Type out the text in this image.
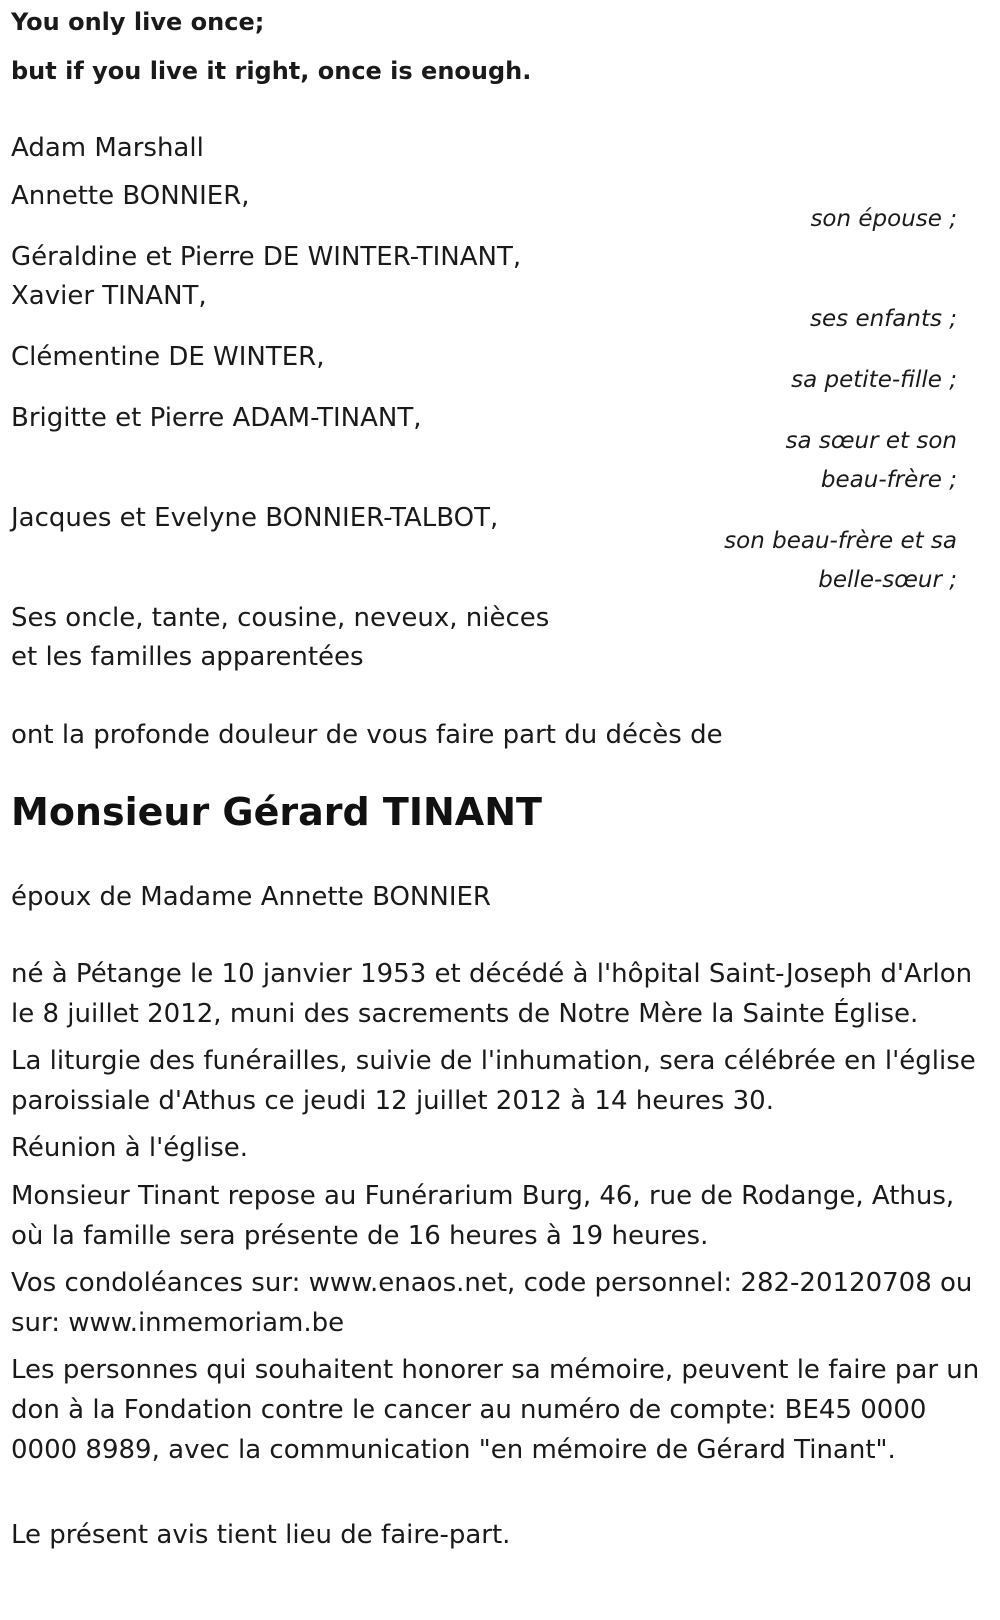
You only live once;
but if you live it right, once is enough.
Adam Marshall
Annette BONNIER,
Géraldine et Pierre DE WINTER-TINANT,
Xavier TINANT,
Clémentine DE WINTER,
Brigitte et Pierre ADAM-TINANT,
Jacques et Evelyne BONNIER-TALBOT,
Ses oncle, tante, cousine, neveux, nièces
et les familles apparentées
son épouse ;
ses enfants ;
sa petite-fille ;
sa sœur et son
beau-frère ;
son beau-frère et sa
belle-sœur ;
ont la profonde douleur de vous faire part du décès de
Monsieur Gérard TINANT
époux de Madame Annette BONNIER
né à Pétange le 10 janvier 1953 et décédé à l'hôpital Saint-Joseph d'Arlon le 8 juillet 2012, muni des sacrements de Notre Mère la Sainte Église.
La liturgie des funérailles, suivie de l'inhumation, sera célébrée en l'église paroissiale d'Athus ce jeudi 12 juillet 2012 à 14 heures 30.
Réunion à l'église.
Monsieur Tinant repose au Funérarium Burg, 46, rue de Rodange, Athus, où la famille sera présente de 16 heures à 19 heures.
Vos condoléances sur: www.enaos.net, code personnel: 282-20120708 ou sur: www.inmemoriam.be
Les personnes qui souhaitent honorer sa mémoire, peuvent le faire par un don à la Fondation contre le cancer au numéro de compte: BE45 0000 0000 8989, avec la communication "en mémoire de Gérard Tinant".
Le présent avis tient lieu de faire-part.
